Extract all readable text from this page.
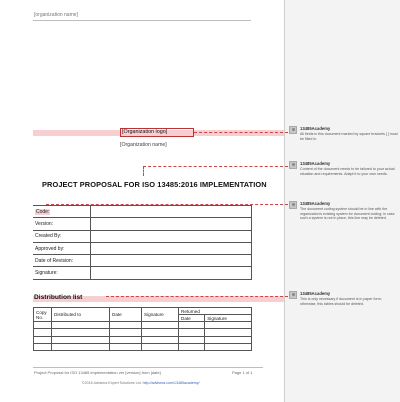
[organization name]
[Organization logo]
[Organization name]
PROJECT PROPOSAL FOR ISO 13485:2016 IMPLEMENTATION
Code:	
Version:	
Created By:	
Approved by:	
Date of Revision:	
Signature:	
Distribution list
Copy No.	Distributed to	Date	Signature	Returned	
				Date	Signature

Project Proposal for ISO 13485 implementation ver [version] from [date]	Page 1 of 1
©2016 Advisera Expert Solutions Ltd. http://advisera.com/13485academy/
13485Academy
All fields in this document marked by square brackets [ ] must be filled in.
13485Academy
Content of the document needs to be tailored to your actual situation and requirements. Adapt it to your own needs.
13485Academy
The document coding system should be in line with the organization's existing system for document coding; in case such a system is not in place, this line may be deleted.
13485Academy
This is only necessary if document is in paper form; otherwise, this tables should be deleted.
